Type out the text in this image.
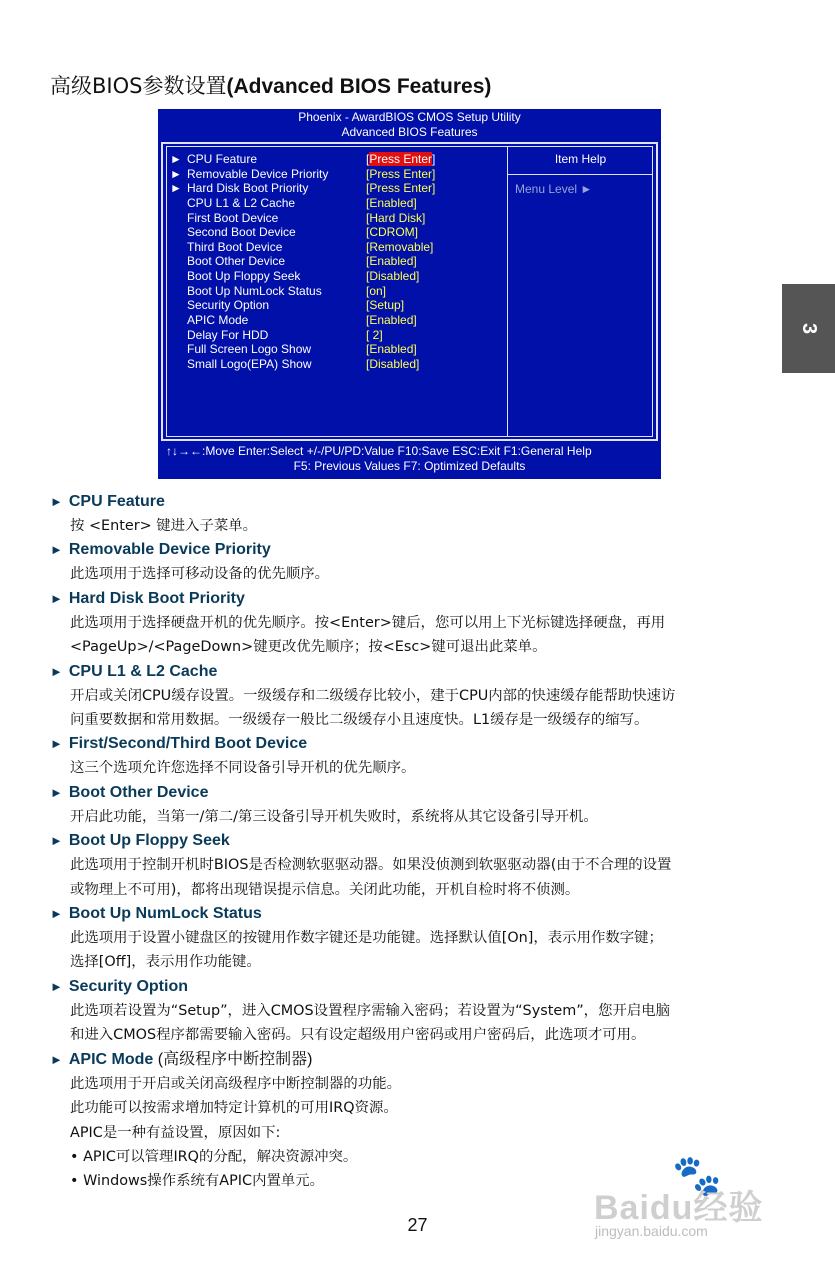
高级BIOS参数设置(Advanced BIOS Features)
Phoenix - AwardBIOS CMOS Setup Utility
Advanced BIOS Features
► CPU Feature	[Press Enter]
► Removable Device Priority	[Press Enter]
► Hard Disk Boot Priority	[Press Enter]
CPU L1 & L2 Cache	[Enabled]
First Boot Device	[Hard Disk]
Second Boot Device	[CDROM]
Third Boot Device	[Removable]
Boot Other Device	[Enabled]
Boot Up Floppy Seek	[Disabled]
Boot Up NumLock Status	[on]
Security Option	[Setup]
APIC Mode	[Enabled]
Delay For HDD	[ 2]
Full Screen Logo Show	[Enabled]
Small Logo(EPA) Show	[Disabled]
Item Help
Menu Level ►
↑↓→←:Move Enter:Select +/-/PU/PD:Value F10:Save ESC:Exit F1:General Help
F5: Previous Values F7: Optimized Defaults
3
► CPU Feature
按 <Enter> 键进入子菜单。
► Removable Device Priority
此选项用于选择可移动设备的优先顺序。
► Hard Disk Boot Priority
此选项用于选择硬盘开机的优先顺序。按<Enter>键后，您可以用上下光标键选择硬盘，再用
<PageUp>/<PageDown>键更改优先顺序；按<Esc>键可退出此菜单。
► CPU L1 & L2 Cache
开启或关闭CPU缓存设置。一级缓存和二级缓存比较小，建于CPU内部的快速缓存能帮助快速访
问重要数据和常用数据。一级缓存一般比二级缓存小且速度快。L1缓存是一级缓存的缩写。
► First/Second/Third Boot Device
这三个选项允许您选择不同设备引导开机的优先顺序。
► Boot Other Device
开启此功能，当第一/第二/第三设备引导开机失败时，系统将从其它设备引导开机。
► Boot Up Floppy Seek
此选项用于控制开机时BIOS是否检测软驱驱动器。如果没侦测到软驱驱动器(由于不合理的设置
或物理上不可用)，都将出现错误提示信息。关闭此功能，开机自检时将不侦测。
► Boot Up NumLock Status
此选项用于设置小键盘区的按键用作数字键还是功能键。选择默认值[On]，表示用作数字键；
选择[Off]，表示用作功能键。
► Security Option
此选项若设置为“Setup”，进入CMOS设置程序需输入密码；若设置为“System”，您开启电脑
和进入CMOS程序都需要输入密码。只有设定超级用户密码或用户密码后，此选项才可用。
► APIC Mode (高级程序中断控制器)
此选项用于开启或关闭高级程序中断控制器的功能。
此功能可以按需求增加特定计算机的可用IRQ资源。
APIC是一种有益设置，原因如下:
• APIC可以管理IRQ的分配，解决资源冲突。
• Windows操作系统有APIC内置单元。
27
🐾
Baidu经验
jingyan.baidu.com
